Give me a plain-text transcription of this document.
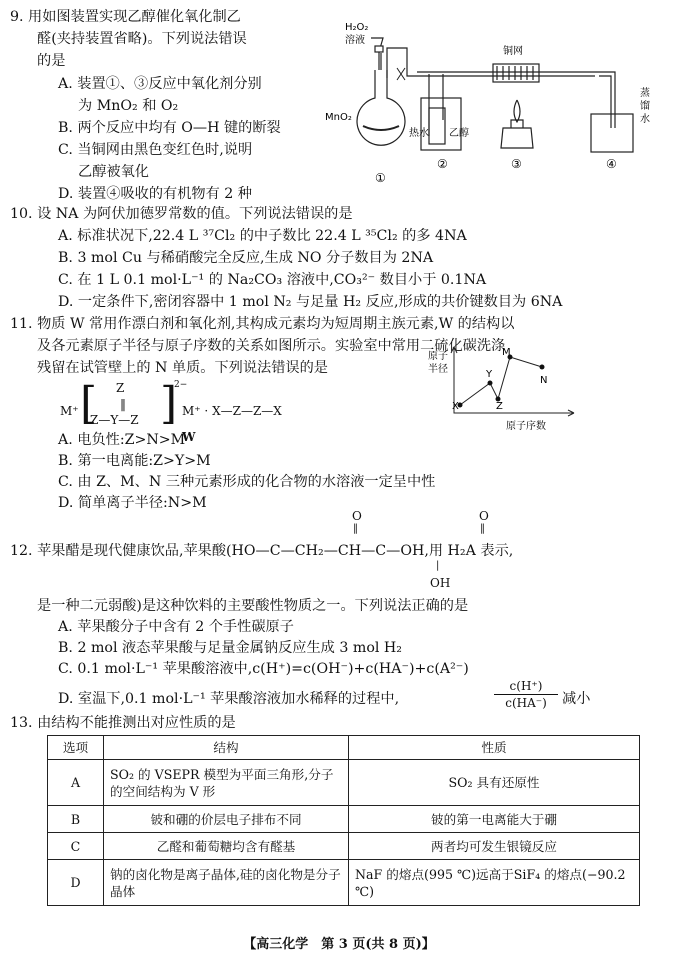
9. 用如图装置实现乙醇催化氧化制乙
醛(夹持装置省略)。下列说法错误
的是
A. 装置①、③反应中氧化剂分别
为 MnO₂ 和 O₂
B. 两个反应中均有 O—H 键的断裂
C. 当铜网由黑色变红色时,说明
乙醇被氧化
D. 装置④吸收的有机物有 2 种
H₂O₂
溶液
MnO₂
热水 乙醇
铜网
蒸
馏
水
①
②	③	④
10. 设 NA 为阿伏加德罗常数的值。下列说法错误的是
A. 标准状况下,22.4 L ³⁷Cl₂ 的中子数比 22.4 L ³⁵Cl₂ 的多 4NA
B. 3 mol Cu 与稀硝酸完全反应,生成 NO 分子数目为 2NA
C. 在 1 L 0.1 mol·L⁻¹ 的 Na₂CO₃ 溶液中,CO₃²⁻ 数目小于 0.1NA
D. 一定条件下,密闭容器中 1 mol N₂ 与足量 H₂ 反应,形成的共价键数目为 6NA
11. 物质 W 常用作漂白剂和氧化剂,其构成元素均为短周期主族元素,W 的结构以
及各元素原子半径与原子序数的关系如图所示。实验室中常用二硫化碳洗涤
残留在试管壁上的 N 单质。下列说法错误的是
Z
‖
Z—Y—Z
M⁺ [ ]
2−
M⁺ · X—Z—Z—X
W
原子
半径
原子序数
X
Y
Z
M
N
A. 电负性:Z>N>M
B. 第一电离能:Z>Y>M
C. 由 Z、M、N 三种元素形成的化合物的水溶液一定呈中性
D. 简单离子半径:N>M
O
‖
O
‖
12. 苹果醋是现代健康饮品,苹果酸(HO—C—CH₂—CH—C—OH,用 H₂A 表示,
|
OH
是一种二元弱酸)是这种饮料的主要酸性物质之一。下列说法正确的是
A. 苹果酸分子中含有 2 个手性碳原子
B. 2 mol 液态苹果酸与足量金属钠反应生成 3 mol H₂
C. 0.1 mol·L⁻¹ 苹果酸溶液中,c(H⁺)=c(OH⁻)+c(HA⁻)+c(A²⁻)
D. 室温下,0.1 mol·L⁻¹ 苹果酸溶液加水稀释的过程中,
c(H⁺)
c(HA⁻)	减小
13. 由结构不能推测出对应性质的是
选项	结构	性质
A	SO₂ 的 VSEPR 模型为平面三角形,分子的空间结构为 V 形	SO₂ 具有还原性
B	铍和硼的价层电子排布不同	铍的第一电离能大于硼
C	乙醛和葡萄糖均含有醛基	两者均可发生银镜反应
D	钠的卤化物是离子晶体,硅的卤化物是分子晶体	NaF 的熔点(995 ℃)远高于SiF₄ 的熔点(−90.2 ℃)
【高三化学　第 3 页(共 8 页)】
